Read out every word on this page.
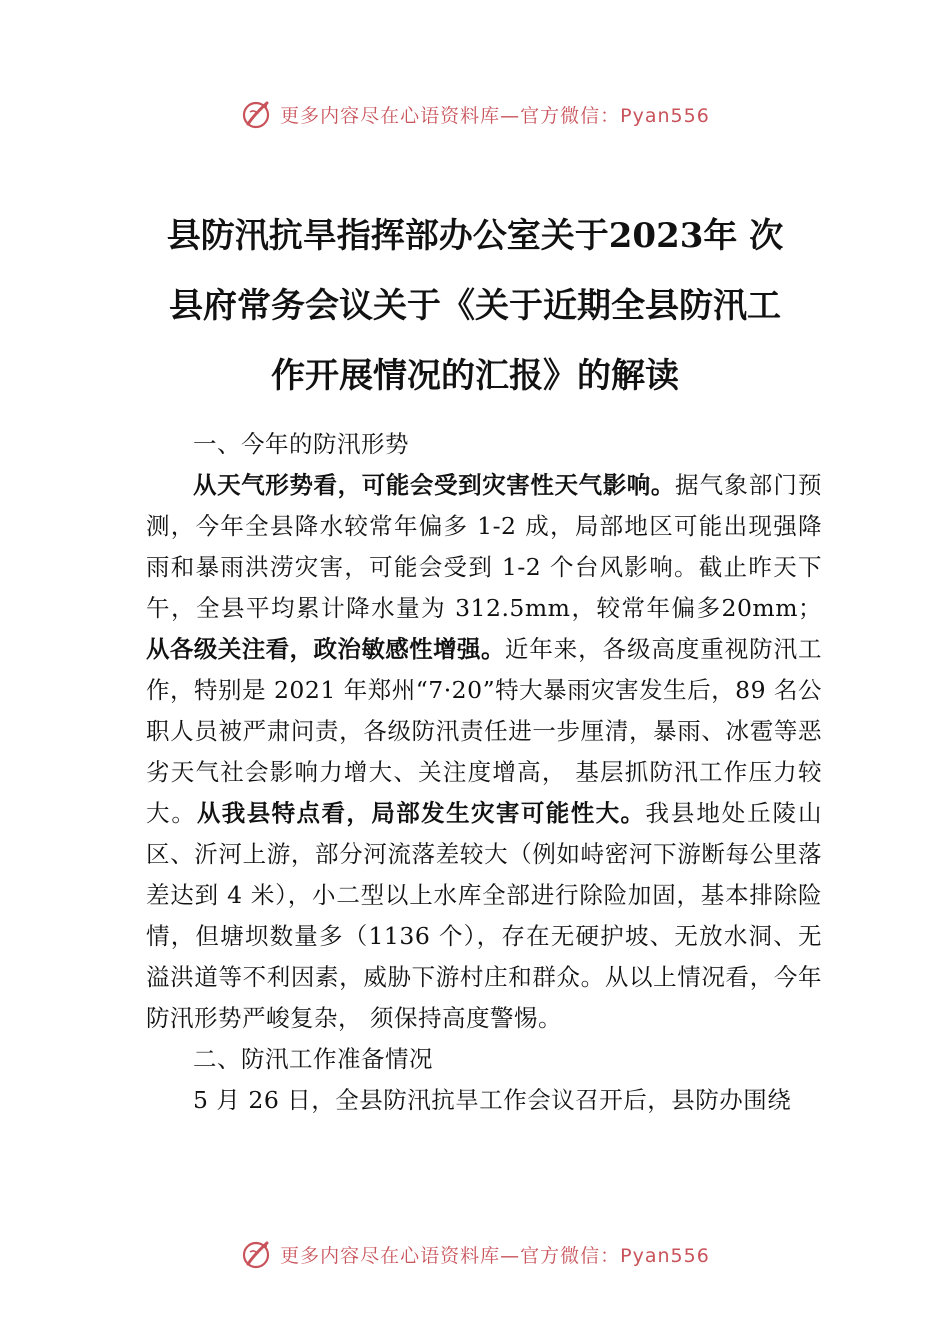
更多内容尽在心语资料库—官方微信：Pyan556
县防汛抗旱指挥部办公室关于2023年 次
县府常务会议关于《关于近期全县防汛工
作开展情况的汇报》的解读

一、今年的防汛形势

从天气形势看，可能会受到灾害性天气影响。据气象部门预测，今年全县降水较常年偏多 1-2 成，局部地区可能出现强降雨和暴雨洪涝灾害，可能会受到 1-2 个台风影响。截止昨天下午，全县平均累计降水量为 312.5mm，较常年偏多20mm；从各级关注看，政治敏感性增强。近年来，各级高度重视防汛工作，特别是 2021 年郑州“7·20”特大暴雨灾害发生后，89 名公职人员被严肃问责，各级防汛责任进一步厘清，暴雨、冰雹等恶劣天气社会影响力增大、关注度增高， 基层抓防汛工作压力较大。从我县特点看，局部发生灾害可能性大。我县地处丘陵山区、沂河上游，部分河流落差较大（例如峙密河下游断每公里落差达到 4 米），小二型以上水库全部进行除险加固，基本排除险情，但塘坝数量多（1136 个），存在无硬护坡、无放水洞、无溢洪道等不利因素，威胁下游村庄和群众。从以上情况看，今年防汛形势严峻复杂， 须保持高度警惕。

二、防汛工作准备情况

5 月 26 日，全县防汛抗旱工作会议召开后，县防办围绕

更多内容尽在心语资料库—官方微信：Pyan556
